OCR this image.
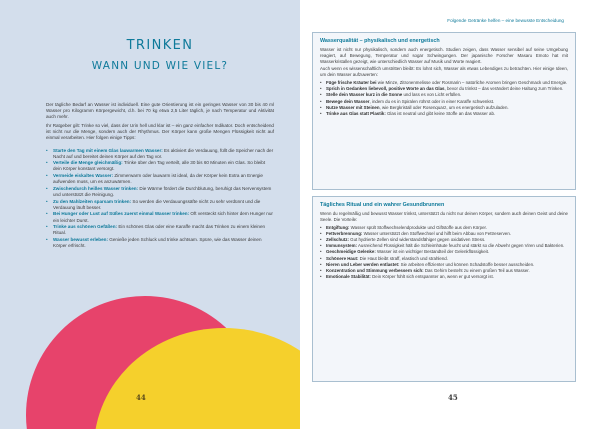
TRINKEN
WANN UND WIE VIEL?

Der tägliche Bedarf an Wasser ist individuell. Eine gute Orientierung ist ein geringes Wasser von 30 bis 40 ml Wasser pro Kilogramm Körpergewicht, d.h. bei 70 kg etwa 2,5 Liter täglich, je nach Temperatur und Aktivität auch mehr.

Ihr Ratgeber gilt: Trinke so viel, dass der Urin hell und klar ist – ein ganz einfacher Indikator. Doch entscheidend ist nicht nur die Menge, sondern auch der Rhythmus. Der Körper kann große Mengen Flüssigkeit nicht auf einmal verarbeiten. Hier folgen einige Tipps:

• Starte den Tag mit einem Glas lauwarmen Wasser: Es aktiviert die Verdauung, füllt die Speicher nach der Nacht auf und bereitet deinen Körper auf den Tag vor.
• Verteile die Menge gleichmäßig: Trinke über den Tag verteilt, alle 30 bis 60 Minuten ein Glas. So bleibt dein Körper konstant versorgt.
• Vermeide eiskaltes Wasser: Zimmerwarm oder lauwarm ist ideal, da der Körper kein Extra an Energie aufwenden muss, um es anzuwärmen.
• Zwischendurch heißes Wasser trinken: Die Wärme fördert die Durchblutung, beruhigt das Nervensystem und unterstützt die Reinigung.
• Zu den Mahlzeiten sparsam trinken: So werden die Verdauungssäfte nicht zu sehr verdünnt und die Verdauung läuft besser.
• Bei Hunger oder Lust auf Süßes zuerst einmal Wasser trinken: Oft versteckt sich hinter dem Hunger nur ein leichter Durst.
• Trinke aus schönen Gefäßen: Ein schönes Glas oder eine Karaffe macht das Trinken zu einem kleinen Ritual.
• Wasser bewusst erleben: Genieße jeden Schluck und trinke achtsam. Spüre, wie das Wasser deinen Körper erfrischt.
44
Folgende Getränke helfen – eine bewusste Entscheidung
Wasserqualität – physikalisch und energetisch

Wasser ist nicht nur physikalisch, sondern auch energetisch. Studien zeigen, dass Wasser sensibel auf seine Umgebung reagiert, auf Bewegung, Temperatur und sogar Schwingungen. Der japanische Forscher Masaru Emoto hat mit Wasserkristallen gezeigt, wie unterschiedlich Wasser auf Musik und Worte reagiert.

Auch wenn es wissenschaftlich umstritten bleibt: Es lohnt sich, Wasser als etwas Lebendiges zu betrachten. Hier einige Ideen, um dein Wasser aufzuwerten:

• Füge frische Kräuter bei wie Minze, Zitronenmelisse oder Rosmarin – natürliche Aromen bringen Geschmack und Energie.
• Sprich in Gedanken liebevoll, positive Worte an das Glas, bevor du trinkst – das verändert deine Haltung zum Trinken.
• Stelle dein Wasser kurz in die Sonne und lass es von Licht erfüllen.
• Bewege dein Wasser, indem du es in Spiralen rührst oder in einer Karaffe schwenkst.
• Nutze Wasser mit Steinen, wie Bergkristall oder Rosenquarz, um es energetisch aufzuladen.
• Trinke aus Glas statt Plastik: Glas ist neutral und gibt keine Stoffe an das Wasser ab.
Tägliches Ritual und ein wahrer Gesundbrunnen

Wenn du regelmäßig und bewusst Wasser trinkst, unterstützt du nicht nur deinen Körper, sondern auch deinen Geist und deine Seele. Die Vorteile:

• Entgiftung: Wasser spült Stoffwechselendprodukte und Giftstoffe aus dem Körper.
• Fettverbrennung: Wasser unterstützt den Stoffwechsel und hilft beim Abbau von Fettreserven.
• Zellschutz: Gut hydrierte Zellen sind widerstandsfähiger gegen oxidativen Stress.
• Immunsystem: Ausreichend Flüssigkeit hält die Schleimhäute feucht und stärkt so die Abwehr gegen Viren und Bakterien.
• Geschmeidige Gelenke: Wasser ist ein wichtiger Bestandteil der Gelenkflüssigkeit.
• Schönere Haut: Die Haut bleibt straff, elastisch und strahlend.
• Nieren und Leber werden entlastet: Sie arbeiten effizienter und können Schadstoffe besser ausscheiden.
• Konzentration und Stimmung verbessern sich: Das Gehirn besteht zu einem großen Teil aus Wasser.
• Emotionale Stabilität: Dein Körper fühlt sich entspannter an, wenn er gut versorgt ist.
45
